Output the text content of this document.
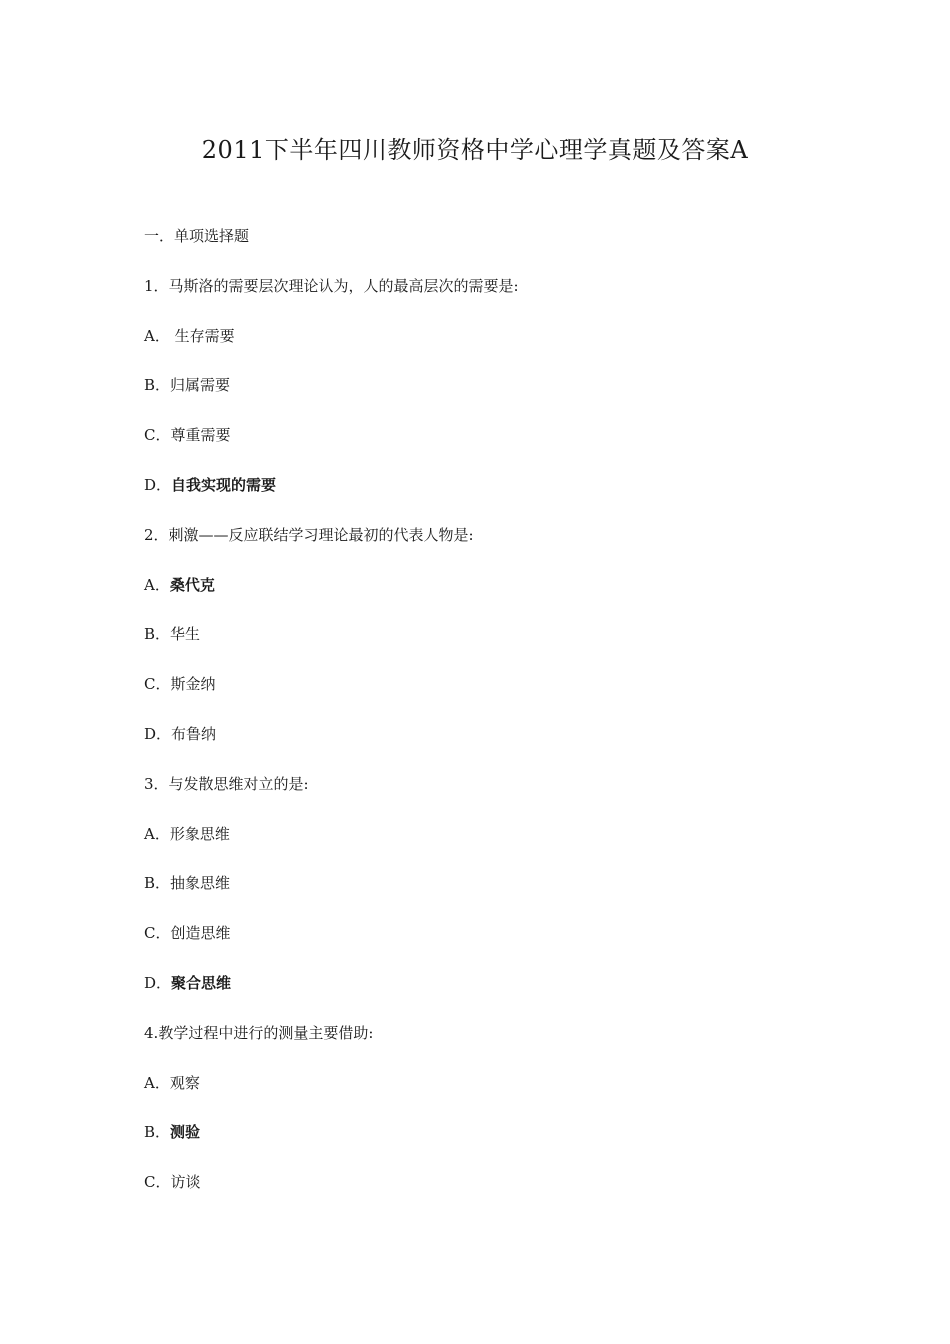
2011下半年四川教师资格中学心理学真题及答案A
一．单项选择题
1．马斯洛的需要层次理论认为，人的最高层次的需要是:
A． 生存需要
B．归属需要
C．尊重需要
D．自我实现的需要
2．刺激——反应联结学习理论最初的代表人物是:
A．桑代克
B．华生
C．斯金纳
D．布鲁纳
3．与发散思维对立的是:
A．形象思维
B．抽象思维
C．创造思维
D．聚合思维
4.教学过程中进行的测量主要借助:
A．观察
B．测验
C．访谈
